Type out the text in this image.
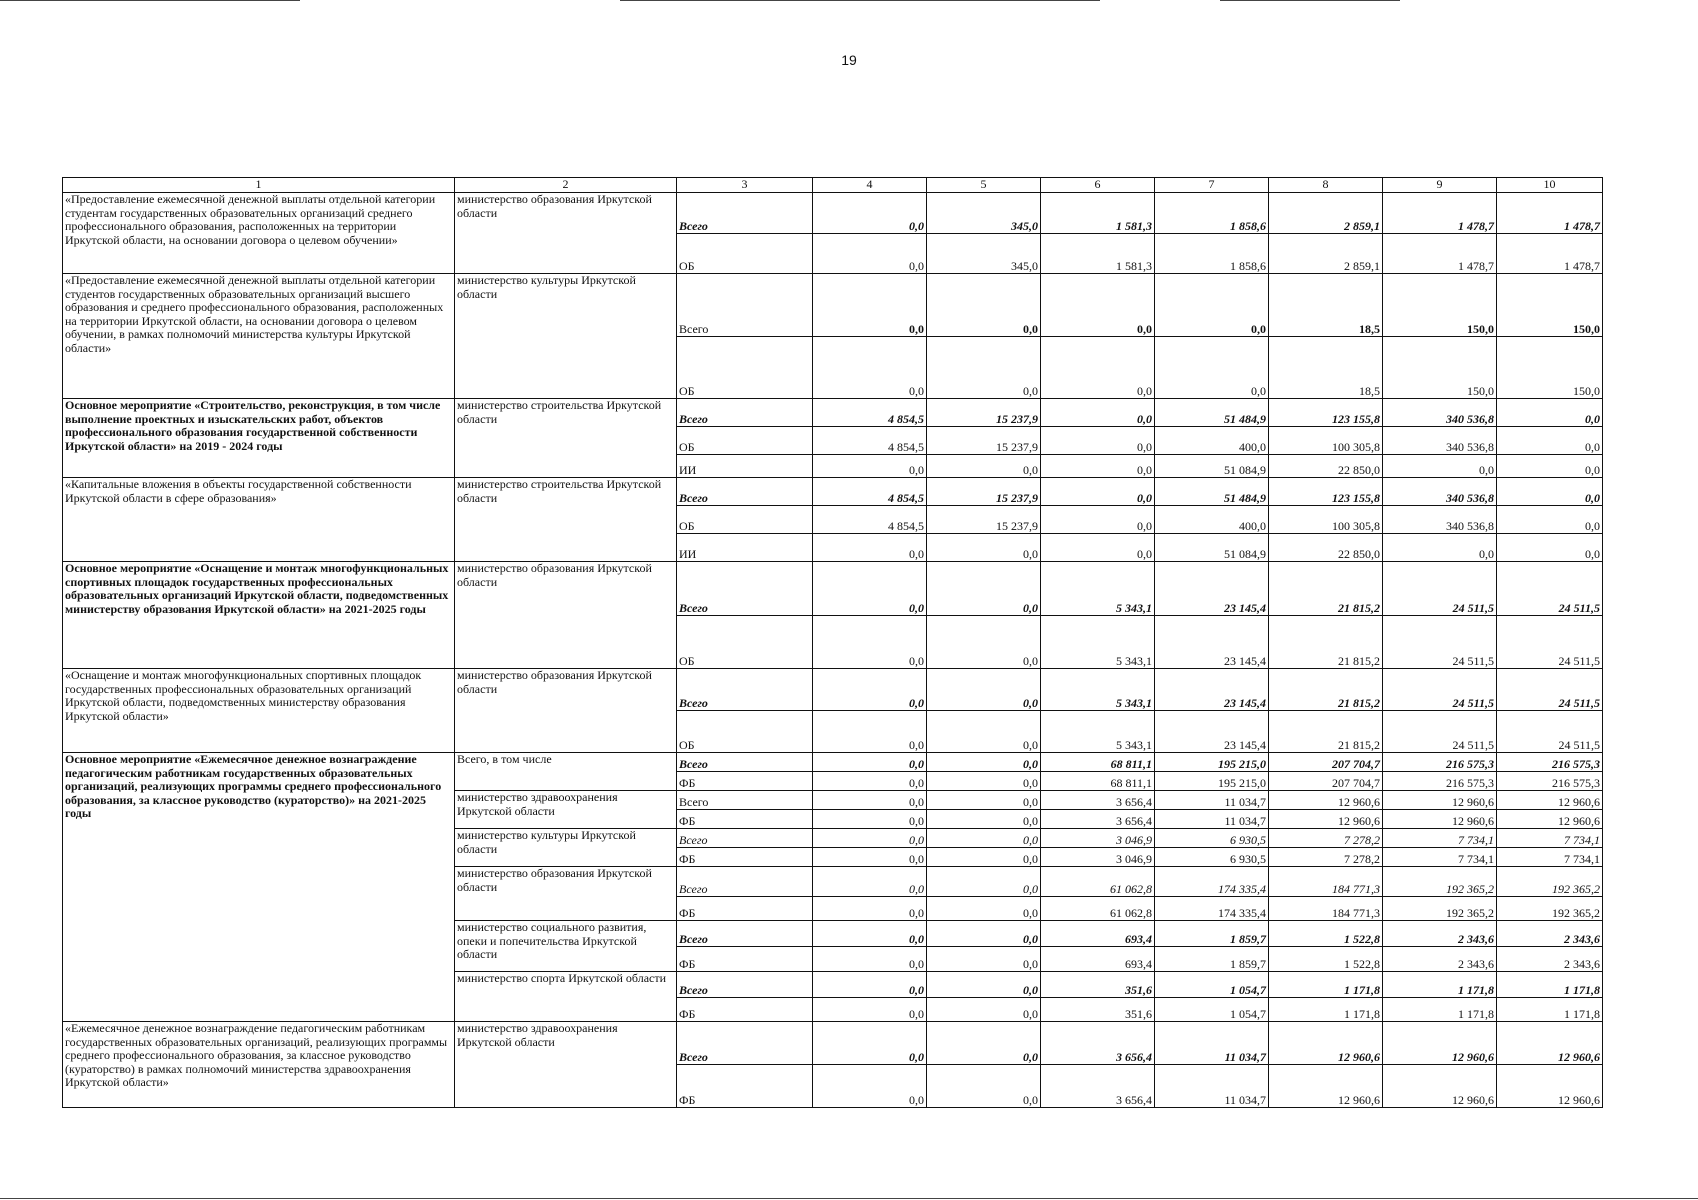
19
1	2	3	4	5	6	7	8	9	10
«Предоставление ежемесячной денежной выплаты отдельной категории студентам государственных образовательных организаций среднего профессионального образования, расположенных на территории Иркутской области, на основании договора о целевом обучении»	министерство образования Иркутской области	Всего	0,0	345,0	1 581,3	1 858,6	2 859,1	1 478,7	1 478,7
		ОБ	0,0	345,0	1 581,3	1 858,6	2 859,1	1 478,7	1 478,7
«Предоставление ежемесячной денежной выплаты отдельной категории студентов государственных образовательных организаций высшего образования и среднего профессионального образования, расположенных на территории Иркутской области, на основании договора о целевом обучении, в рамках полномочий министерства культуры Иркутской области»	министерство культуры Иркутской области	Всего	0,0	0,0	0,0	0,0	18,5	150,0	150,0
		ОБ	0,0	0,0	0,0	0,0	18,5	150,0	150,0
Основное мероприятие «Строительство, реконструкция, в том числе выполнение проектных и изыскательских работ, объектов профессионального образования государственной собственности Иркутской области» на 2019 - 2024 годы	министерство строительства Иркутской области	Всего	4 854,5	15 237,9	0,0	51 484,9	123 155,8	340 536,8	0,0
		ОБ	4 854,5	15 237,9	0,0	400,0	100 305,8	340 536,8	0,0
		ИИ	0,0	0,0	0,0	51 084,9	22 850,0	0,0	0,0
«Капитальные вложения в объекты государственной собственности Иркутской области в сфере образования»	министерство строительства Иркутской области	Всего	4 854,5	15 237,9	0,0	51 484,9	123 155,8	340 536,8	0,0
		ОБ	4 854,5	15 237,9	0,0	400,0	100 305,8	340 536,8	0,0
		ИИ	0,0	0,0	0,0	51 084,9	22 850,0	0,0	0,0
Основное мероприятие «Оснащение и монтаж многофункциональных спортивных площадок государственных профессиональных образовательных организаций Иркутской области, подведомственных министерству образования Иркутской области» на 2021-2025 годы	министерство образования Иркутской области	Всего	0,0	0,0	5 343,1	23 145,4	21 815,2	24 511,5	24 511,5
		ОБ	0,0	0,0	5 343,1	23 145,4	21 815,2	24 511,5	24 511,5
«Оснащение и монтаж многофункциональных спортивных площадок государственных профессиональных образовательных организаций Иркутской области, подведомственных министерству образования Иркутской области»	министерство образования Иркутской области	Всего	0,0	0,0	5 343,1	23 145,4	21 815,2	24 511,5	24 511,5
		ОБ	0,0	0,0	5 343,1	23 145,4	21 815,2	24 511,5	24 511,5
Основное мероприятие «Ежемесячное денежное вознаграждение педагогическим работникам государственных образовательных организаций, реализующих программы среднего профессионального образования, за классное руководство (кураторство)» на 2021-2025 годы	Всего, в том числе	Всего	0,0	0,0	68 811,1	195 215,0	207 704,7	216 575,3	216 575,3
		ФБ	0,0	0,0	68 811,1	195 215,0	207 704,7	216 575,3	216 575,3
	министерство здравоохранения Иркутской области	Всего	0,0	0,0	3 656,4	11 034,7	12 960,6	12 960,6	12 960,6
		ФБ	0,0	0,0	3 656,4	11 034,7	12 960,6	12 960,6	12 960,6
	министерство культуры Иркутской области	Всего	0,0	0,0	3 046,9	6 930,5	7 278,2	7 734,1	7 734,1
		ФБ	0,0	0,0	3 046,9	6 930,5	7 278,2	7 734,1	7 734,1
	министерство образования Иркутской области	Всего	0,0	0,0	61 062,8	174 335,4	184 771,3	192 365,2	192 365,2
		ФБ	0,0	0,0	61 062,8	174 335,4	184 771,3	192 365,2	192 365,2
	министерство социального развития, опеки и попечительства Иркутской области	Всего	0,0	0,0	693,4	1 859,7	1 522,8	2 343,6	2 343,6
		ФБ	0,0	0,0	693,4	1 859,7	1 522,8	2 343,6	2 343,6
	министерство спорта Иркутской области	Всего	0,0	0,0	351,6	1 054,7	1 171,8	1 171,8	1 171,8
		ФБ	0,0	0,0	351,6	1 054,7	1 171,8	1 171,8	1 171,8
«Ежемесячное денежное вознаграждение педагогическим работникам государственных образовательных организаций, реализующих программы среднего профессионального образования, за классное руководство (кураторство) в рамках полномочий министерства здравоохранения Иркутской области»	министерство здравоохранения Иркутской области	Всего	0,0	0,0	3 656,4	11 034,7	12 960,6	12 960,6	12 960,6
		ФБ	0,0	0,0	3 656,4	11 034,7	12 960,6	12 960,6	12 960,6
